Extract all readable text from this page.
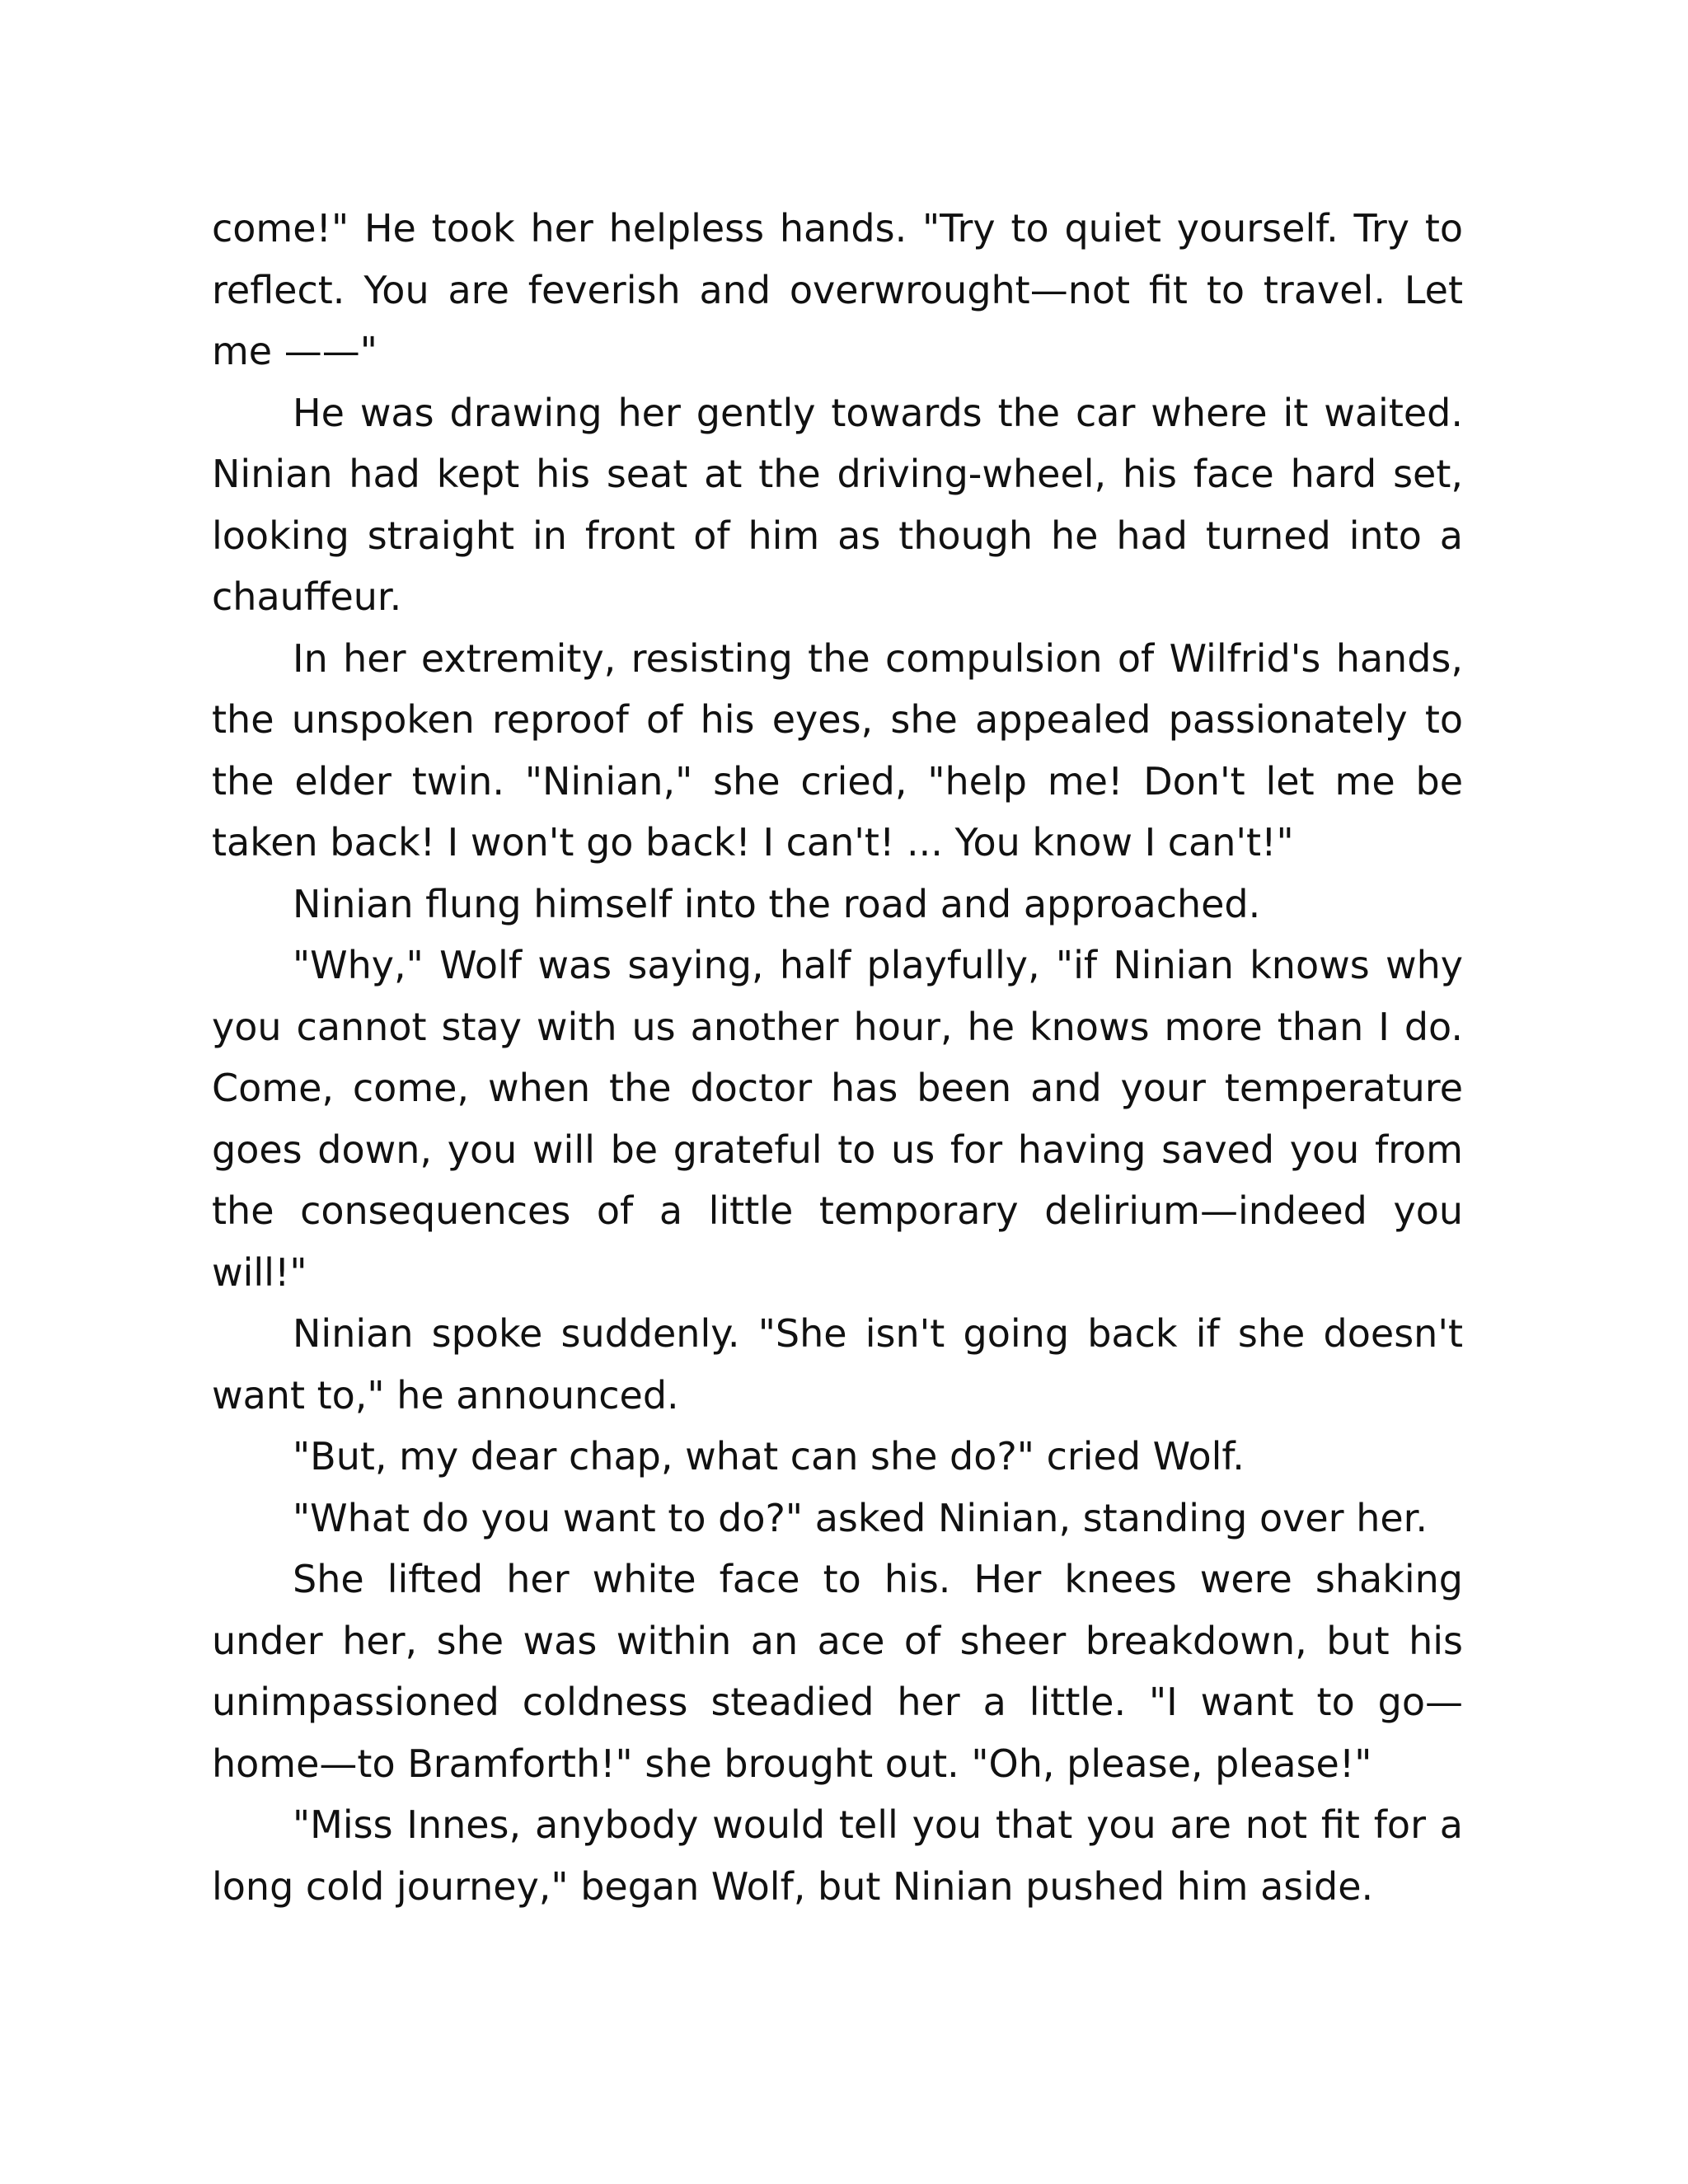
come!" He took her helpless hands. "Try to quiet yourself. Try to reflect. You are feverish and overwrought—not fit to travel. Let me ——"

He was drawing her gently towards the car where it waited. Ninian had kept his seat at the driving-wheel, his face hard set, looking straight in front of him as though he had turned into a chauffeur.

In her extremity, resisting the compulsion of Wilfrid's hands, the unspoken reproof of his eyes, she appealed passionately to the elder twin. "Ninian," she cried, "help me! Don't let me be taken back! I won't go back! I can't! ... You know I can't!"

Ninian flung himself into the road and approached.

"Why," Wolf was saying, half playfully, "if Ninian knows why you cannot stay with us another hour, he knows more than I do. Come, come, when the doctor has been and your temperature goes down, you will be grateful to us for having saved you from the consequences of a little temporary delirium—indeed you will!"

Ninian spoke suddenly. "She isn't going back if she doesn't want to," he announced.

"But, my dear chap, what can she do?" cried Wolf.

"What do you want to do?" asked Ninian, standing over her.

She lifted her white face to his. Her knees were shaking under her, she was within an ace of sheer breakdown, but his unimpassioned coldness steadied her a little. "I want to go—home—to Bramforth!" she brought out. "Oh, please, please!"

"Miss Innes, anybody would tell you that you are not fit for a long cold journey," began Wolf, but Ninian pushed him aside.
